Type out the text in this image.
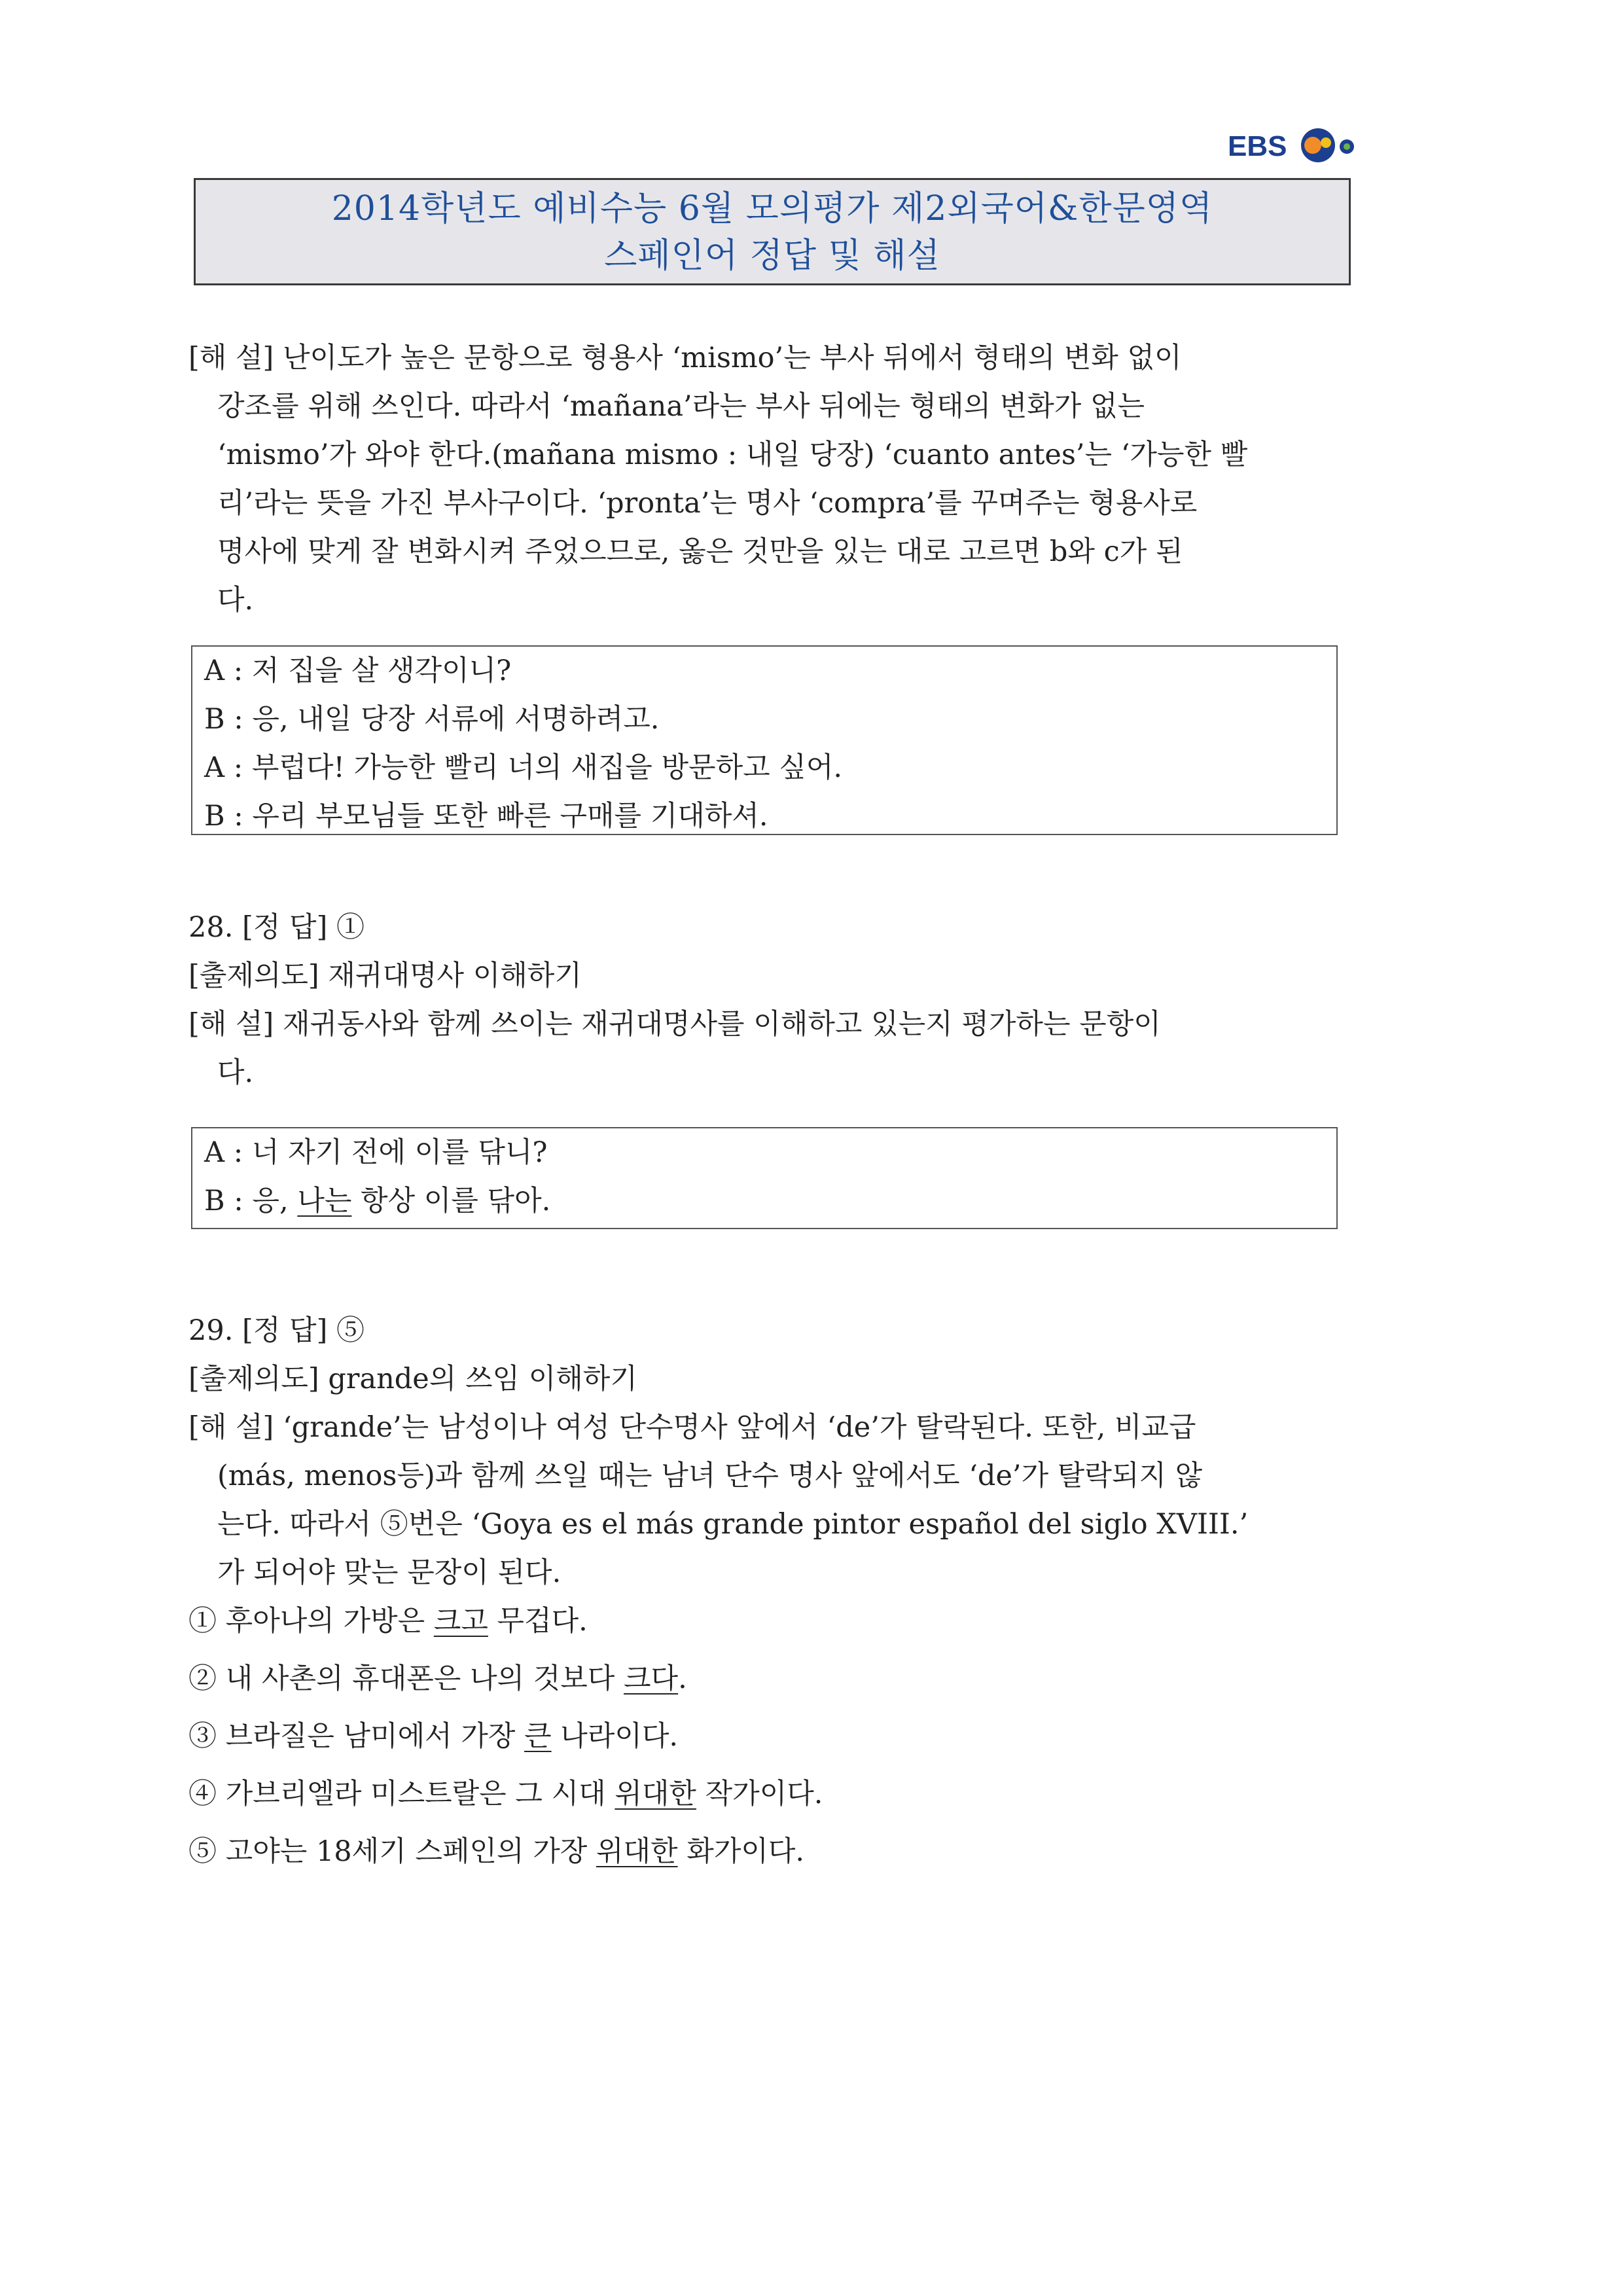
EBS
2014학년도 예비수능 6월 모의평가 제2외국어&한문영역
스페인어 정답 및 해설
[해 설] 난이도가 높은 문항으로 형용사 ‘mismo’는 부사 뒤에서 형태의 변화 없이
강조를 위해 쓰인다. 따라서 ‘mañana’라는 부사 뒤에는 형태의 변화가 없는
‘mismo’가 와야 한다.(mañana mismo : 내일 당장) ‘cuanto antes’는 ‘가능한 빨
리’라는 뜻을 가진 부사구이다. ‘pronta’는 명사 ‘compra’를 꾸며주는 형용사로
명사에 맞게 잘 변화시켜 주었으므로, 옳은 것만을 있는 대로 고르면 b와 c가 된
다.
A : 저 집을 살 생각이니?
B : 응, 내일 당장 서류에 서명하려고.
A : 부럽다! 가능한 빨리 너의 새집을 방문하고 싶어.
B : 우리 부모님들 또한 빠른 구매를 기대하셔.
28. [정 답] ①
[출제의도] 재귀대명사 이해하기
[해 설] 재귀동사와 함께 쓰이는 재귀대명사를 이해하고 있는지 평가하는 문항이
다.
A : 너 자기 전에 이를 닦니?
B : 응, 나는 항상 이를 닦아.
29. [정 답] ⑤
[출제의도] grande의 쓰임 이해하기
[해 설] ‘grande’는 남성이나 여성 단수명사 앞에서 ‘de’가 탈락된다. 또한, 비교급
(más, menos등)과 함께 쓰일 때는 남녀 단수 명사 앞에서도 ‘de’가 탈락되지 않
는다. 따라서 ⑤번은 ‘Goya es el más grande pintor español del siglo XVIII.’
가 되어야 맞는 문장이 된다.
① 후아나의 가방은 크고 무겁다.
② 내 사촌의 휴대폰은 나의 것보다 크다.
③ 브라질은 남미에서 가장 큰 나라이다.
④ 가브리엘라 미스트랄은 그 시대 위대한 작가이다.
⑤ 고야는 18세기 스페인의 가장 위대한 화가이다.
